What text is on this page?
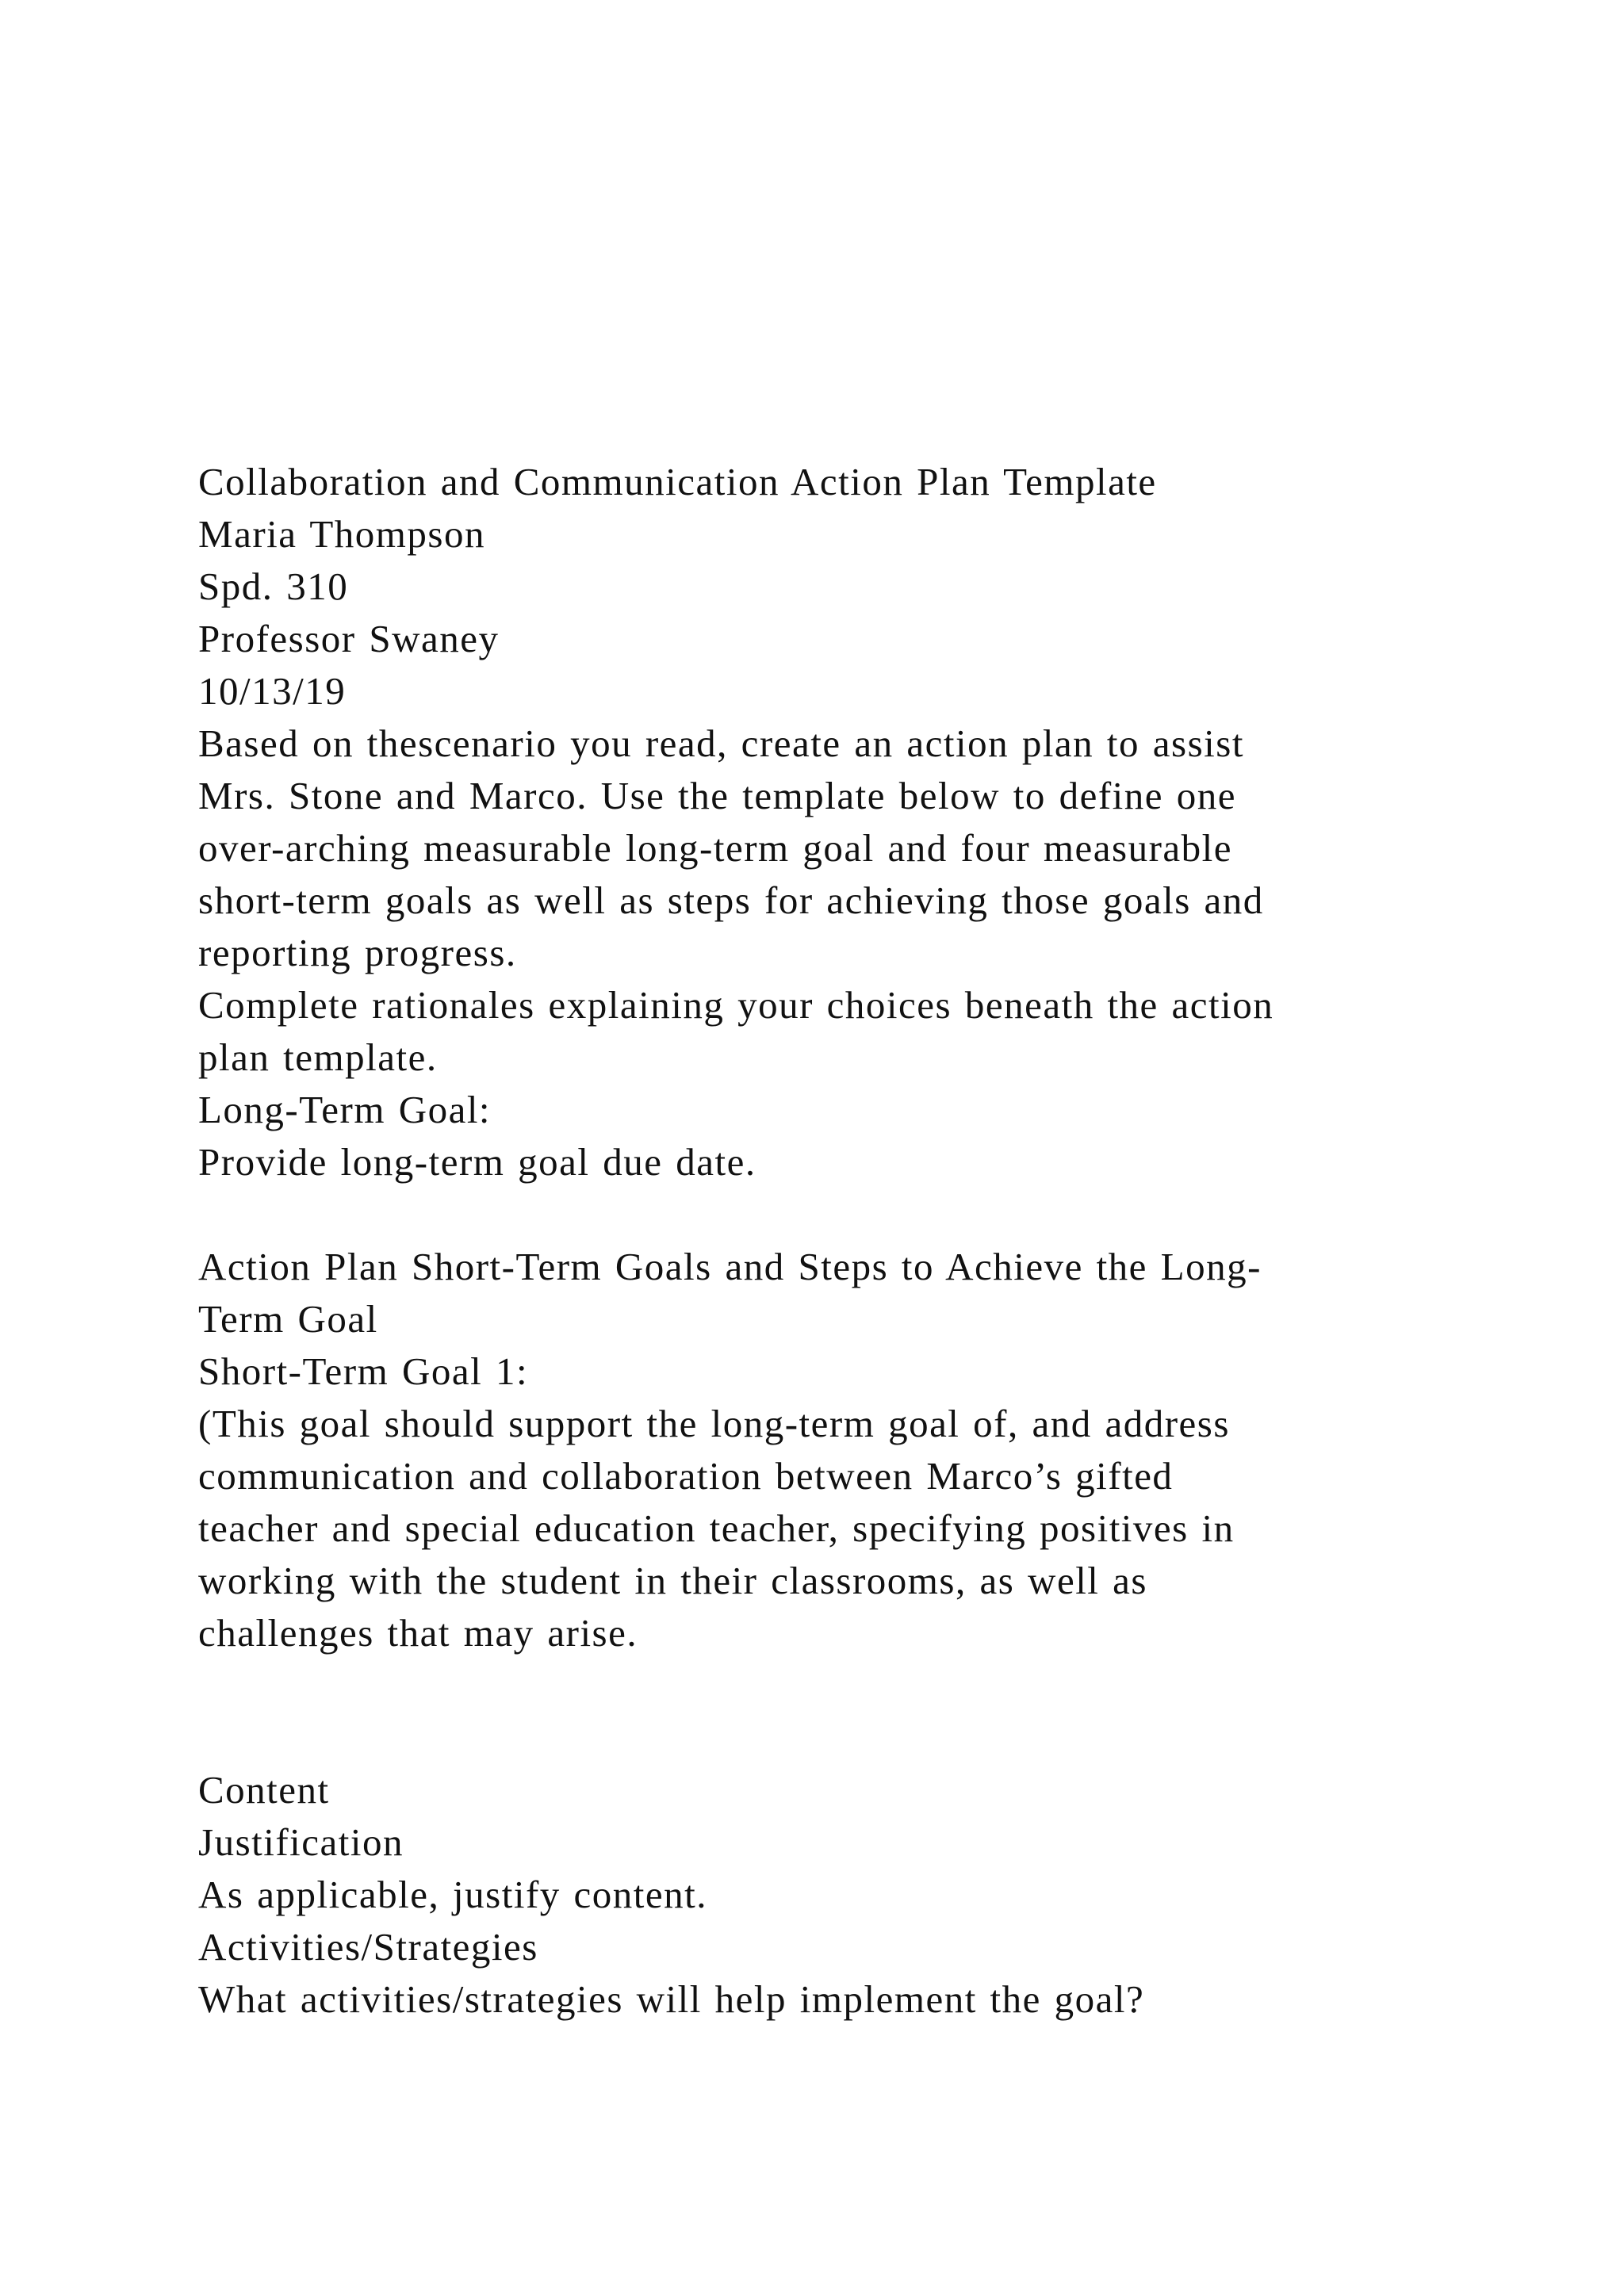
Collaboration and Communication Action Plan Template
Maria Thompson
Spd. 310
Professor Swaney
10/13/19
Based on thescenario you read, create an action plan to assist
Mrs. Stone and Marco. Use the template below to define one
over-arching measurable long-term goal and four measurable
short-term goals as well as steps for achieving those goals and
reporting progress.
Complete rationales explaining your choices beneath the action
plan template.
Long-Term Goal:
Provide long-term goal due date.
Action Plan Short-Term Goals and Steps to Achieve the Long-
Term Goal
Short-Term Goal 1:
(This goal should support the long-term goal of, and address
communication and collaboration between Marco’s gifted
teacher and special education teacher, specifying positives in
working with the student in their classrooms, as well as
challenges that may arise.
Content
Justification
As applicable, justify content.
Activities/Strategies
What activities/strategies will help implement the goal?
